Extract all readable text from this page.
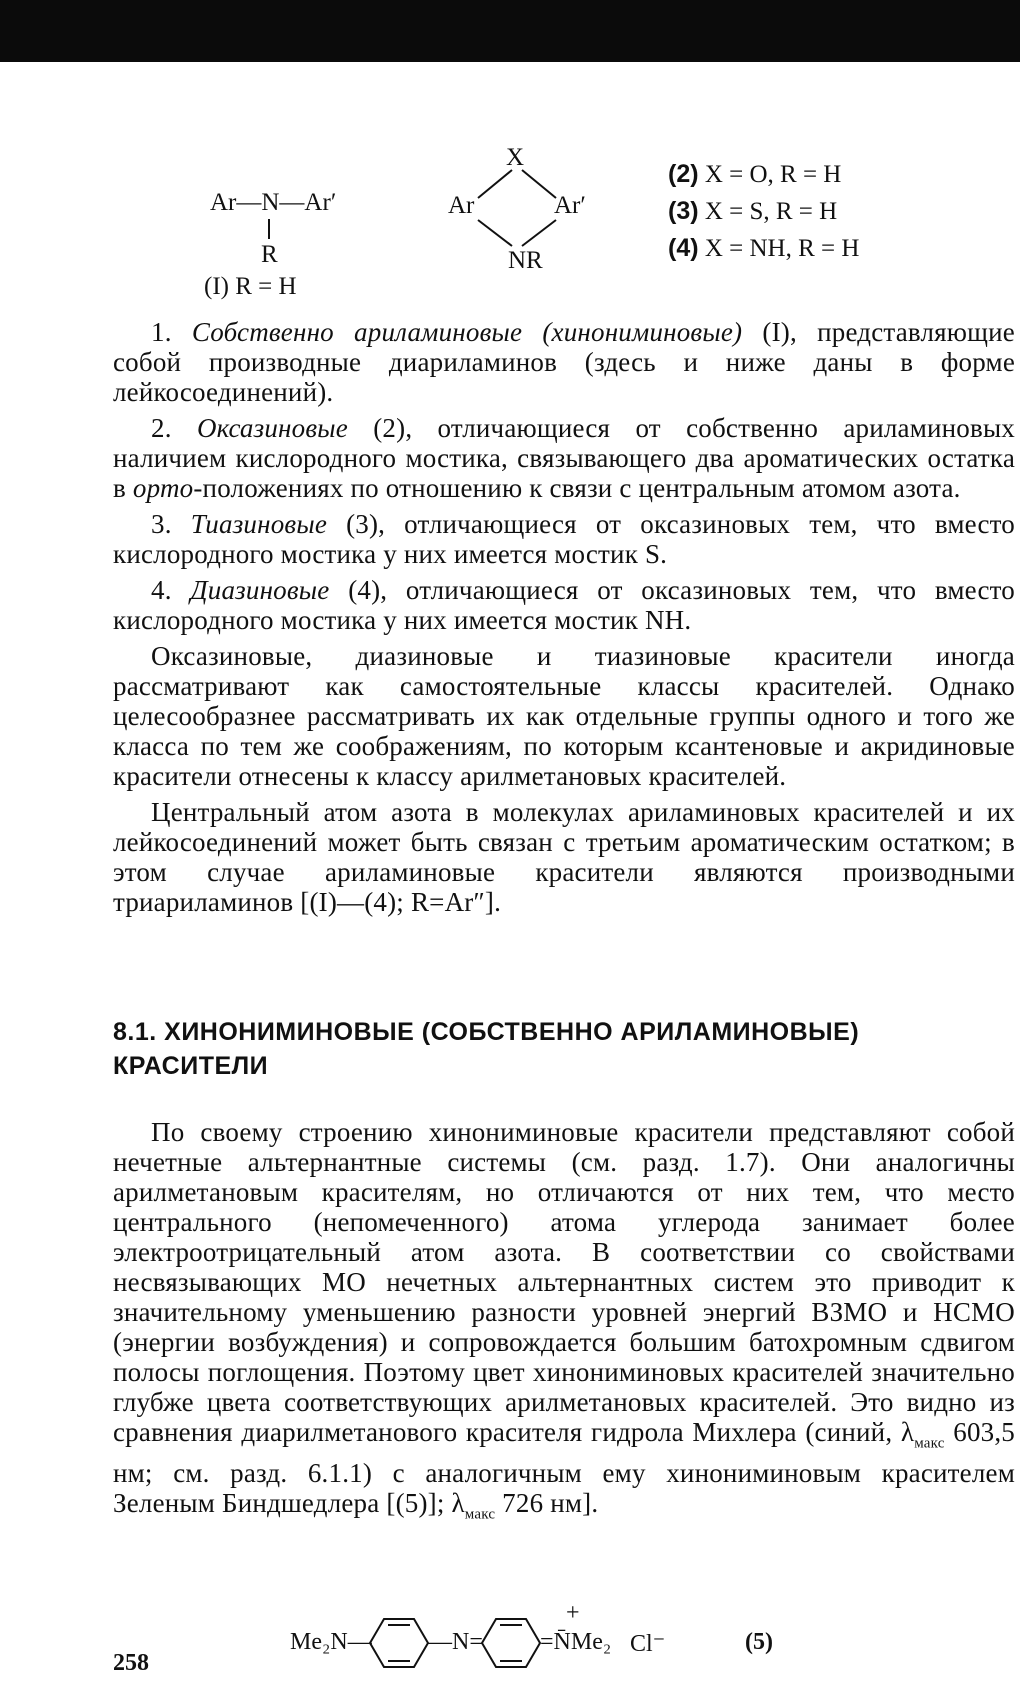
Ar—N—Ar′
R
(I) R = H
X
Ar	Ar′
NR
(2) X = O, R = H
(3) X = S, R = H
(4) X = NH, R = H

1. Собственно ариламиновые (хинониминовые) (I), представляющие собой производные диариламинов (здесь и ниже даны в форме лейкосоединений).

2. Оксазиновые (2), отличающиеся от собственно ариламиновых наличием кислородного мостика, связывающего два ароматических остатка в орто-положениях по отношению к связи с центральным атомом азота.

3. Тиазиновые (3), отличающиеся от оксазиновых тем, что вместо кислородного мостика у них имеется мостик S.

4. Диазиновые (4), отличающиеся от оксазиновых тем, что вместо кислородного мостика у них имеется мостик NH.

Оксазиновые, диазиновые и тиазиновые красители иногда рассматривают как самостоятельные классы красителей. Однако целесообразнее рассматривать их как отдельные группы одного и того же класса по тем же соображениям, по которым ксантеновые и акридиновые красители отнесены к классу арилметановых красителей.

Центральный атом азота в молекулах ариламиновых красителей и их лейкосоединений может быть связан с третьим ароматическим остатком; в этом случае ариламиновые красители являются производными триариламинов [(I)—(4); R=Ar″].

8.1. ХИНОНИМИНОВЫЕ (СОБСТВЕННО АРИЛАМИНОВЫЕ) КРАСИТЕЛИ

По своему строению хинониминовые красители представляют собой нечетные альтернантные системы (см. разд. 1.7). Они аналогичны арилметановым красителям, но отличаются от них тем, что место центрального (непомеченного) атома углерода занимает более электроотрицательный атом азота. В соответствии со свойствами несвязывающих МО нечетных альтернантных систем это приводит к значительному уменьшению разности уровней энергий ВЗМО и НСМО (энергии возбуждения) и сопровождается большим батохромным сдвигом полосы поглощения. Поэтому цвет хинониминовых красителей значительно глубже цвета соответствующих арилметановых красителей. Это видно из сравнения диарилметанового красителя гидрола Михлера (синий, $\lambda_{макс}$ 603,5 нм; см. разд. 6.1.1) с аналогичным ему хинониминовым красителем Зеленым Биндшедлера [(5)]; $\lambda_{макс}$ 726 нм].

Me₂N— —N=
+
=N̄Me₂ Cl⁻	(5)
258
